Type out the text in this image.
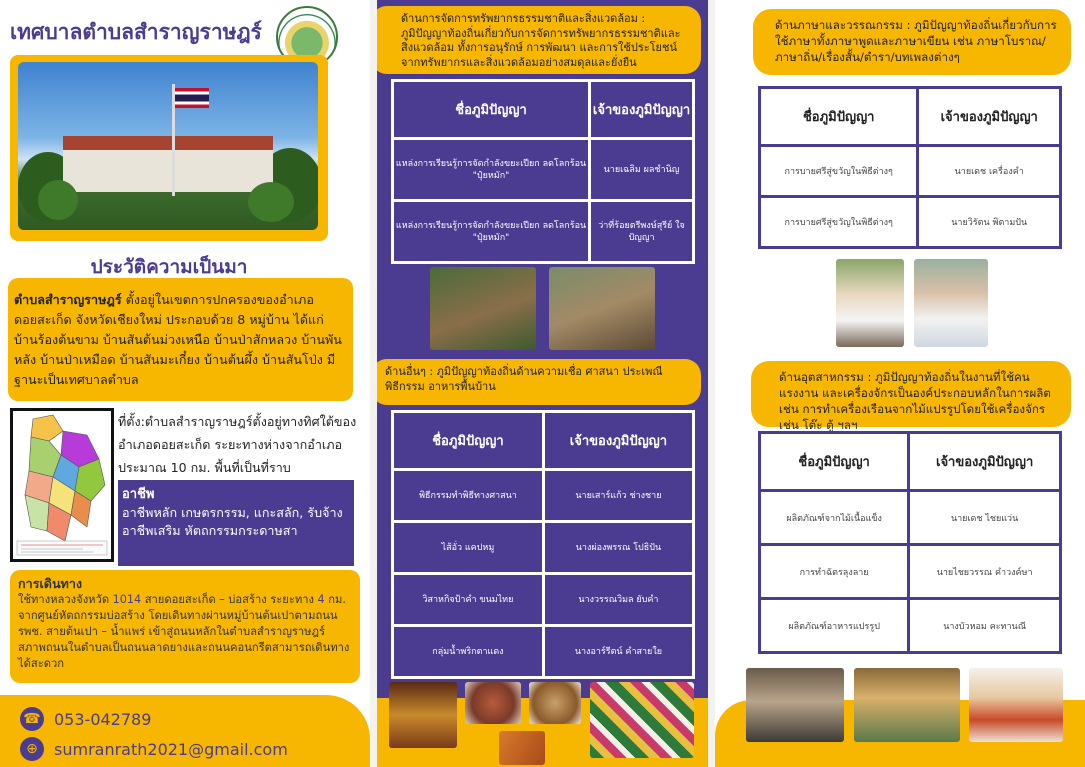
เทศบาลตำบลสำราญราษฎร์
ประวัติความเป็นมา
ตำบลสำราญราษฎร์ ตั้งอยู่ในเขตการปกครองของอำเภอดอยสะเก็ด จังหวัดเชียงใหม่ ประกอบด้วย 8 หมู่บ้าน ได้แก่ บ้านร้องต้นขาม บ้านสันต้นม่วงเหนือ บ้านป่าสักหลวง บ้านพันหลัง บ้านป่าเหมือด บ้านสันมะเกี๋ยง บ้านต้นผึ้ง บ้านสันโป่ง มีฐานะเป็นเทศบาลตำบล
ที่ตั้ง:ตำบลสำราญราษฎร์ตั้งอยู่ทางทิศใต้ของอำเภอดอยสะเก็ด ระยะทางห่างจากอำเภอประมาณ 10 กม. พื้นที่เป็นที่ราบ
อาชีพ
อาชีพหลัก เกษตรกรรม, แกะสลัก, รับจ้าง
อาชีพเสริม หัตถกรรมกระดาษสา
การเดินทาง
ใช้ทางหลวงจังหวัด 1014 สายดอยสะเก็ด – บ่อสร้าง ระยะทาง 4 กม. จากศูนย์หัตถกรรมบ่อสร้าง โดยเดินทางผ่านหมู่บ้านต้นเปาตามถนน รพช. สายต้นเปา – น้ำแพร่ เข้าสู่ถนนหลักในตำบลสำราญราษฎร์ สภาพถนนในตำบลเป็นถนนลาดยางและถนนคอนกรีตสามารถเดินทางได้สะดวก
☎ 053-042789
⊕	sumranrath2021@gmail.com
ด้านการจัดการทรัพยากรธรรมชาติและสิ่งแวดล้อม : ภูมิปัญญาท้องถิ่นเกี่ยวกับการจัดการทรัพยากรธรรมชาติและสิ่งแวดล้อม ทั้งการอนุรักษ์ การพัฒนา และการใช้ประโยชน์จากทรัพยากรและสิ่งแวดล้อมอย่างสมดุลและยั่งยืน
ชื่อภูมิปัญญา	เจ้าของภูมิปัญญา
แหล่งการเรียนรู้การจัดกำลังขยะเปียก ลดโลกร้อน "ปุ๋ยหมัก"	นายเฉลิม ผลชำนิญ
แหล่งการเรียนรู้การจัดกำลังขยะเปียก ลดโลกร้อน "ปุ๋ยหมัก"	ว่าที่ร้อยตรีพงษ์สุรีย์ ใจปัญญา
ด้านอื่นๆ : ภูมิปัญญาท้องถิ่นด้านความเชื่อ ศาสนา ประเพณี พิธีกรรม อาหารพื้นบ้าน
ชื่อภูมิปัญญา	เจ้าของภูมิปัญญา
พิธีกรรมทำพิธีทางศาสนา	นายเสาร์แก้ว ช่างชาย
ไส้อั่ว แคปหมู	นางผ่องพรรณ โปธิปัน
วิสาหกิจป้าคำ ขนมไทย	นางวรรณวิมล ยับคำ
กลุ่มน้ำพริกตาแดง	นางอาร์รีตน์ คำสายใย
ด้านภาษาและวรรณกรรม : ภูมิปัญญาท้องถิ่นเกี่ยวกับการใช้ภาษาทั้งภาษาพูดและภาษาเขียน เช่น ภาษาโบราณ/ภาษาถิ่น/เรื่องสั้น/ตำรา/บทเพลงต่างๆ
ชื่อภูมิปัญญา	เจ้าของภูมิปัญญา
การบายศรีสู่ขวัญในพิธีต่างๆ	นายเดช เครื่องคำ
การบายศรีสู่ขวัญในพิธีต่างๆ	นายวิรัตน พิตามปัน
ด้านอุตสาหกรรม : ภูมิปัญญาท้องถิ่นในงานที่ใช้คน แรงงาน และเครื่องจักรเป็นองค์ประกอบหลักในการผลิต เช่น การทำเครื่องเรือนจากไม้แปรรูปโดยใช้เครื่องจักร เช่น โต๊ะ ตู้ ฯลฯ
ชื่อภูมิปัญญา	เจ้าของภูมิปัญญา
ผลิตภัณฑ์จากไม้เนื้อแข็ง	นายเดช ไชยแว่น
การทำฉัตรลุงลาย	นายไชยวรรณ คำวงค์ษา
ผลิตภัณฑ์อาหารแปรรูป	นางบัวหอม คะทานณี
